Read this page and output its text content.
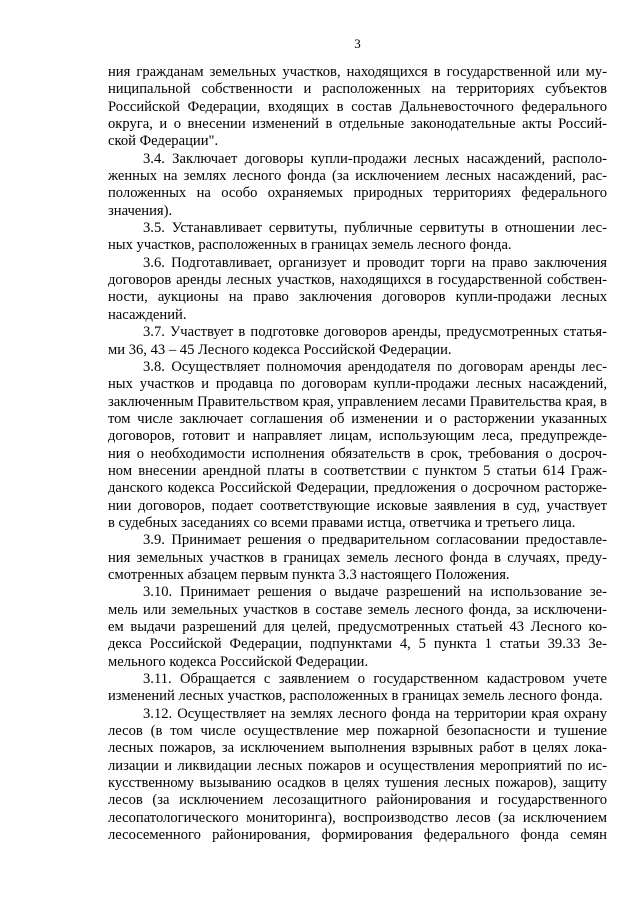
3
ния гражданам земельных участков, находящихся в государственной или му-
ниципальной собственности и расположенных на территориях субъектов
Российской Федерации, входящих в состав Дальневосточного федерального
округа, и о внесении изменений в отдельные законодательные акты Россий-
ской Федерации".
3.4. Заключает договоры купли-продажи лесных насаждений, располо-
женных на землях лесного фонда (за исключением лесных насаждений, рас-
положенных на особо охраняемых природных территориях федерального
значения).
3.5. Устанавливает сервитуты, публичные сервитуты в отношении лес-
ных участков, расположенных в границах земель лесного фонда.
3.6. Подготавливает, организует и проводит торги на право заключения
договоров аренды лесных участков, находящихся в государственной собствен-
ности, аукционы на право заключения договоров купли-продажи лесных
насаждений.
3.7. Участвует в подготовке договоров аренды, предусмотренных статья-
ми 36, 43 – 45 Лесного кодекса Российской Федерации.
3.8. Осуществляет полномочия арендодателя по договорам аренды лес-
ных участков и продавца по договорам купли-продажи лесных насаждений,
заключенным Правительством края, управлением лесами Правительства края, в
том числе заключает соглашения об изменении и о расторжении указанных
договоров, готовит и направляет лицам, использующим леса, предупрежде-
ния о необходимости исполнения обязательств в срок, требования о досроч-
ном внесении арендной платы в соответствии с пунктом 5 статьи 614 Граж-
данского кодекса Российской Федерации, предложения о досрочном расторже-
нии договоров, подает соответствующие исковые заявления в суд, участвует
в судебных заседаниях со всеми правами истца, ответчика и третьего лица.
3.9. Принимает решения о предварительном согласовании предоставле-
ния земельных участков в границах земель лесного фонда в случаях, преду-
смотренных абзацем первым пункта 3.3 настоящего Положения.
3.10. Принимает решения о выдаче разрешений на использование зе-
мель или земельных участков в составе земель лесного фонда, за исключени-
ем выдачи разрешений для целей, предусмотренных статьей 43 Лесного ко-
декса Российской Федерации, подпунктами 4, 5 пункта 1 статьи 39.33 Зе-
мельного кодекса Российской Федерации.
3.11. Обращается с заявлением о государственном кадастровом учете
изменений лесных участков, расположенных в границах земель лесного фонда.
3.12. Осуществляет на землях лесного фонда на территории края охрану
лесов (в том числе осуществление мер пожарной безопасности и тушение
лесных пожаров, за исключением выполнения взрывных работ в целях лока-
лизации и ликвидации лесных пожаров и осуществления мероприятий по ис-
кусственному вызыванию осадков в целях тушения лесных пожаров), защиту
лесов (за исключением лесозащитного районирования и государственного
лесопатологического мониторинга), воспроизводство лесов (за исключением
лесосеменного районирования, формирования федерального фонда семян
